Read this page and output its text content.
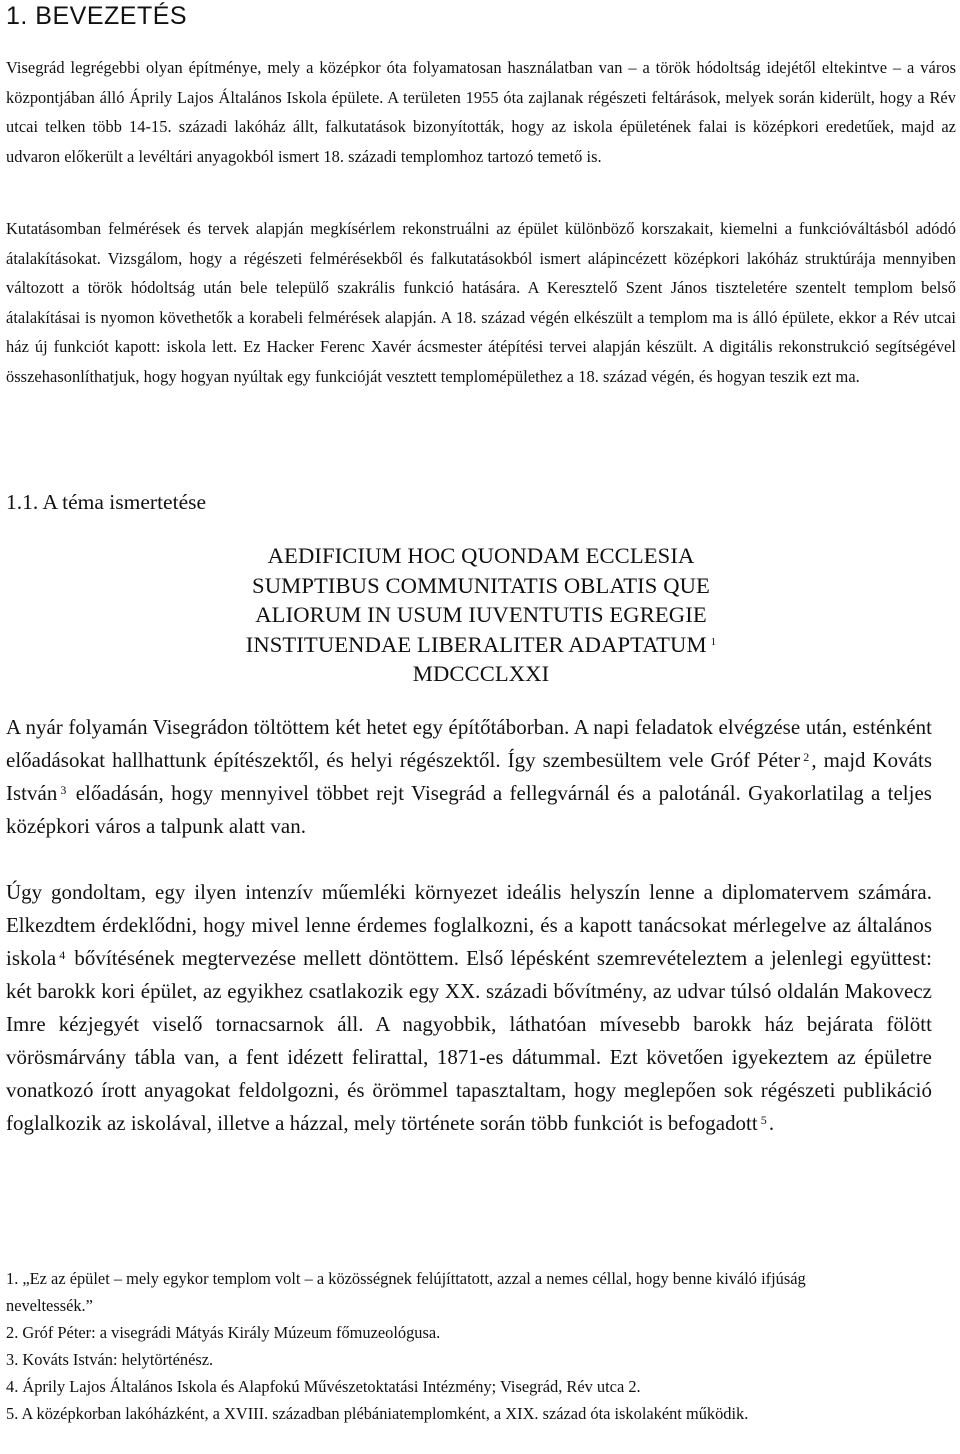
1. BEVEZETÉS

Visegrád legrégebbi olyan építménye, mely a középkor óta folyamatosan használatban van – a török hódoltság idejétől eltekintve – a város központjában álló Áprily Lajos Általános Iskola épülete. A területen 1955 óta zajlanak régészeti feltárások, melyek során kiderült, hogy a Rév utcai telken több 14-15. századi lakóház állt, falkutatások bizonyították, hogy az iskola épületének falai is középkori eredetűek, majd az udvaron előkerült a levéltári anyagokból ismert 18. századi templomhoz tartozó temető is.

Kutatásomban felmérések és tervek alapján megkísérlem rekonstruálni az épület különböző korszakait, kiemelni a funkcióváltásból adódó átalakításokat. Vizsgálom, hogy a régészeti felmérésekből és falkutatásokból ismert alápincézett középkori lakóház struktúrája mennyiben változott a török hódoltság után bele települő szakrális funkció hatására. A Keresztelő Szent János tiszteletére szentelt templom belső átalakításai is nyomon követhetők a korabeli felmérések alapján. A 18. század végén elkészült a templom ma is álló épülete, ekkor a Rév utcai ház új funkciót kapott: iskola lett. Ez Hacker Ferenc Xavér ácsmester átépítési tervei alapján készült. A digitális rekonstrukció segítségével összehasonlíthatjuk, hogy hogyan nyúltak egy funkcióját vesztett templomépülethez a 18. század végén, és hogyan teszik ezt ma.

1.1. A téma ismertetése
AEDIFICIUM HOC QUONDAM ECCLESIA
SUMPTIBUS COMMUNITATIS OBLATIS QUE
ALIORUM IN USUM IUVENTUTIS EGREGIE
INSTITUENDAE LIBERALITER ADAPTATUM $^1$
MDCCCLXXI

A nyár folyamán Visegrádon töltöttem két hetet egy építőtáborban. A napi feladatok elvégzése után, esténként előadásokat hallhattunk építészektől, és helyi régészektől. Így szembesültem vele Gróf Péter $^2$, majd Kováts István $^3$ előadásán, hogy mennyivel többet rejt Visegrád a fellegvárnál és a palotánál. Gyakorlatilag a teljes középkori város a talpunk alatt van.

Úgy gondoltam, egy ilyen intenzív műemléki környezet ideális helyszín lenne a diplomatervem számára. Elkezdtem érdeklődni, hogy mivel lenne érdemes foglalkozni, és a kapott tanácsokat mérlegelve az általános iskola $^4$ bővítésének megtervezése mellett döntöttem. Első lépésként szemrevételeztem a jelenlegi együttest: két barokk kori épület, az egyikhez csatlakozik egy XX. századi bővítmény, az udvar túlsó oldalán Makovecz Imre kézjegyét viselő tornacsarnok áll. A nagyobbik, láthatóan mívesebb barokk ház bejárata fölött vörösmárvány tábla van, a fent idézett felirattal, 1871-es dátummal. Ezt követően igyekeztem az épületre vonatkozó írott anyagokat feldolgozni, és örömmel tapasztaltam, hogy meglepően sok régészeti publikáció foglalkozik az iskolával, illetve a házzal, mely története során több funkciót is befogadott $^5$.

1. „Ez az épület – mely egykor templom volt – a közösségnek felújíttatott, azzal a nemes céllal, hogy benne kiváló ifjúság neveltessék.”

2. Gróf Péter: a visegrádi Mátyás Király Múzeum főmuzeológusa.

3. Kováts István: helytörténész.

4. Áprily Lajos Általános Iskola és Alapfokú Művészetoktatási Intézmény; Visegrád, Rév utca 2.

5. A középkorban lakóházként, a XVIII. században plébániatemplomként, a XIX. század óta iskolaként működik.
